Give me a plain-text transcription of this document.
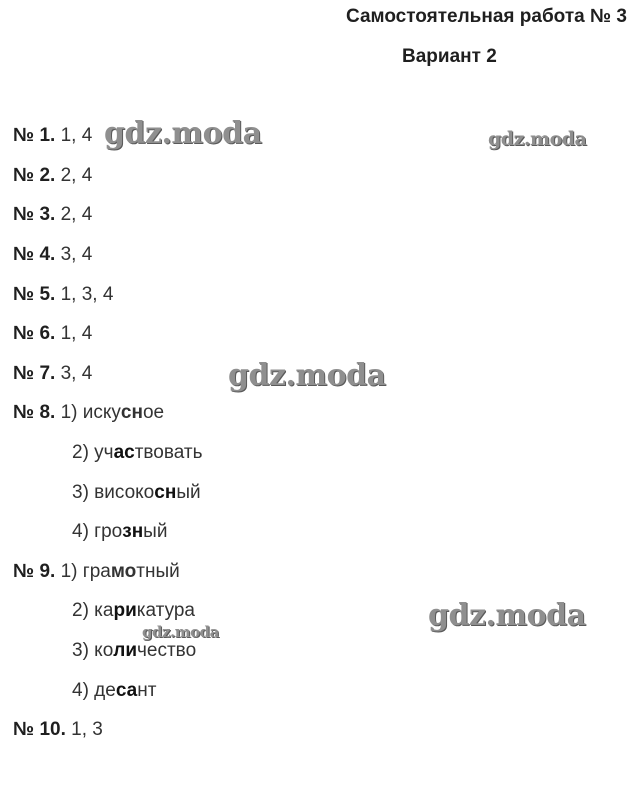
Самостоятельная работа № 3
Вариант 2
№ 1. 1, 4
№ 2. 2, 4
№ 3. 2, 4
№ 4. 3, 4
№ 5. 1, 3, 4
№ 6. 1, 4
№ 7. 3, 4
№ 8. 1) искусное
2) участвовать
3) високосный
4) грозный
№ 9. 1) грамотный
2) карикатура
3) количество
4) десант
№ 10. 1, 3
gdz.moda	gdz.moda
gdz.moda
gdz.moda
gdz.moda
